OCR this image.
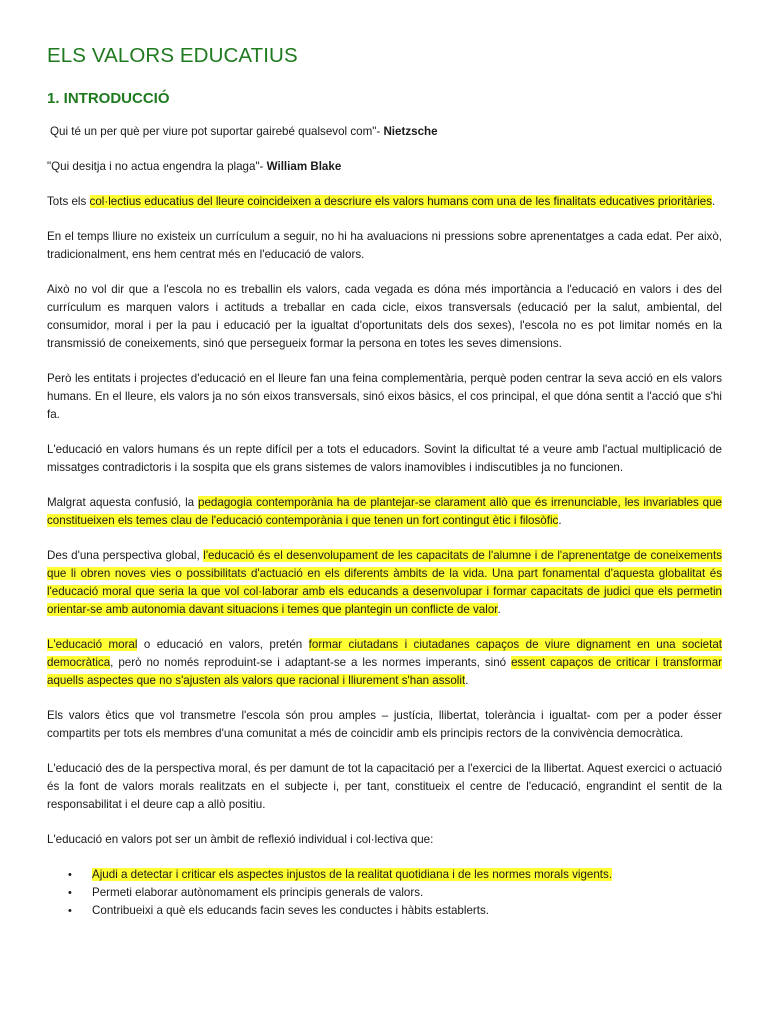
ELS VALORS EDUCATIUS
1. INTRODUCCIÓ

Qui té un per què per viure pot suportar gairebé qualsevol com"- Nietzsche

"Qui desitja i no actua engendra la plaga"- William Blake

Tots els col·lectius educatius del lleure coincideixen a descriure els valors humans com una de les finalitats educatives prioritàries.

En el temps lliure no existeix un currículum a seguir, no hi ha avaluacions ni pressions sobre aprenentatges a cada edat. Per això, tradicionalment, ens hem centrat més en l'educació de valors.

Això no vol dir que a l'escola no es treballin els valors, cada vegada es dóna més importància a l'educació en valors i des del currículum es marquen valors i actituds a treballar en cada cicle, eixos transversals (educació per la salut, ambiental, del consumidor, moral i per la pau i educació per la igualtat d'oportunitats dels dos sexes), l'escola no es pot limitar només en la transmissió de coneixements, sinó que persegueix formar la persona en totes les seves dimensions.

Però les entitats i projectes d'educació en el lleure fan una feina complementària, perquè poden centrar la seva acció en els valors humans. En el lleure, els valors ja no són eixos transversals, sinó eixos bàsics, el cos principal, el que dóna sentit a l'acció que s'hi fa.

L'educació en valors humans és un repte difícil per a tots el educadors. Sovint la dificultat té a veure amb l'actual multiplicació de missatges contradictoris i la sospita que els grans sistemes de valors inamovibles i indiscutibles ja no funcionen.

Malgrat aquesta confusió, la pedagogia contemporània ha de plantejar-se clarament allò que és irrenunciable, les invariables que constitueixen els temes clau de l'educació contemporània i que tenen un fort contingut ètic i filosòfic.

Des d'una perspectiva global, l'educació és el desenvolupament de les capacitats de l'alumne i de l'aprenentatge de coneixements que li obren noves vies o possibilitats d'actuació en els diferents àmbits de la vida. Una part fonamental d'aquesta globalitat és l'educació moral que seria la que vol col·laborar amb els educands a desenvolupar i formar capacitats de judici que els permetin orientar-se amb autonomia davant situacions i temes que plantegin un conflicte de valor.

L'educació moral o educació en valors, pretén formar ciutadans i ciutadanes capaços de viure dignament en una societat democràtica, però no només reproduint-se i adaptant-se a les normes imperants, sinó essent capaços de criticar i transformar aquells aspectes que no s'ajusten als valors que racional i lliurement s'han assolit.

Els valors ètics que vol transmetre l'escola són prou amples – justícia, llibertat, tolerància i igualtat- com per a poder ésser compartits per tots els membres d'una comunitat a més de coincidir amb els principis rectors de la convivència democràtica.

L'educació des de la perspectiva moral, és per damunt de tot la capacitació per a l'exercici de la llibertat. Aquest exercici o actuació és la font de valors morals realitzats en el subjecte i, per tant, constitueix el centre de l'educació, engrandint el sentit de la responsabilitat i el deure cap a allò positiu.

L'educació en valors pot ser un àmbit de reflexió individual i col·lectiva que:

• Ajudi a detectar i criticar els aspectes injustos de la realitat quotidiana i de les normes morals vigents.
• Permeti elaborar autònomament els principis generals de valors.
• Contribueixi a què els educands facin seves les conductes i hàbits establerts.
